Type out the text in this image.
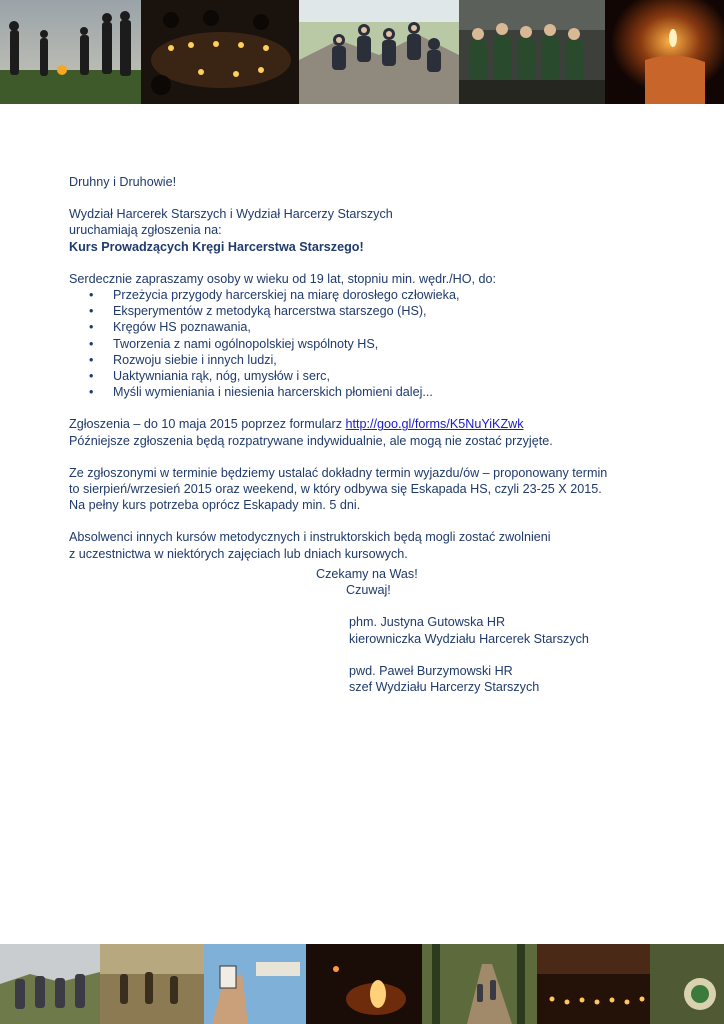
Druhny i Druhowie!

Wydział Harcerek Starszych i Wydział Harcerzy Starszych

uruchamiają zgłoszenia na:

Kurs Prowadzących Kręgi Harcerstwa Starszego!

Serdecznie zapraszamy osoby w wieku od 19 lat, stopniu min. wędr./HO, do:

• Przeżycia przygody harcerskiej na miarę dorosłego człowieka,
• Eksperymentów z metodyką harcerstwa starszego (HS),
• Kręgów HS poznawania,
• Tworzenia z nami ogólnopolskiej wspólnoty HS,
• Rozwoju siebie i innych ludzi,
• Uaktywniania rąk, nóg, umysłów i serc,
• Myśli wymieniania i niesienia harcerskich płomieni dalej...

Zgłoszenia – do 10 maja 2015 poprzez formularz http://goo.gl/forms/K5NuYiKZwk

Późniejsze zgłoszenia będą rozpatrywane indywidualnie, ale mogą nie zostać przyjęte.

Ze zgłoszonymi w terminie będziemy ustalać dokładny termin wyjazdu/ów – proponowany termin

to sierpień/wrzesień 2015 oraz weekend, w który odbywa się Eskapada HS, czyli 23-25 X 2015.

Na pełny kurs potrzeba oprócz Eskapady min. 5 dni.

Absolwenci innych kursów metodycznych i instruktorskich będą mogli zostać zwolnieni

z uczestnictwa w niektórych zajęciach lub dniach kursowych.

Czekamy na Was!

Czuwaj!

phm. Justyna Gutowska HR

kierowniczka Wydziału Harcerek Starszych

pwd. Paweł Burzymowski HR

szef Wydziału Harcerzy Starszych
